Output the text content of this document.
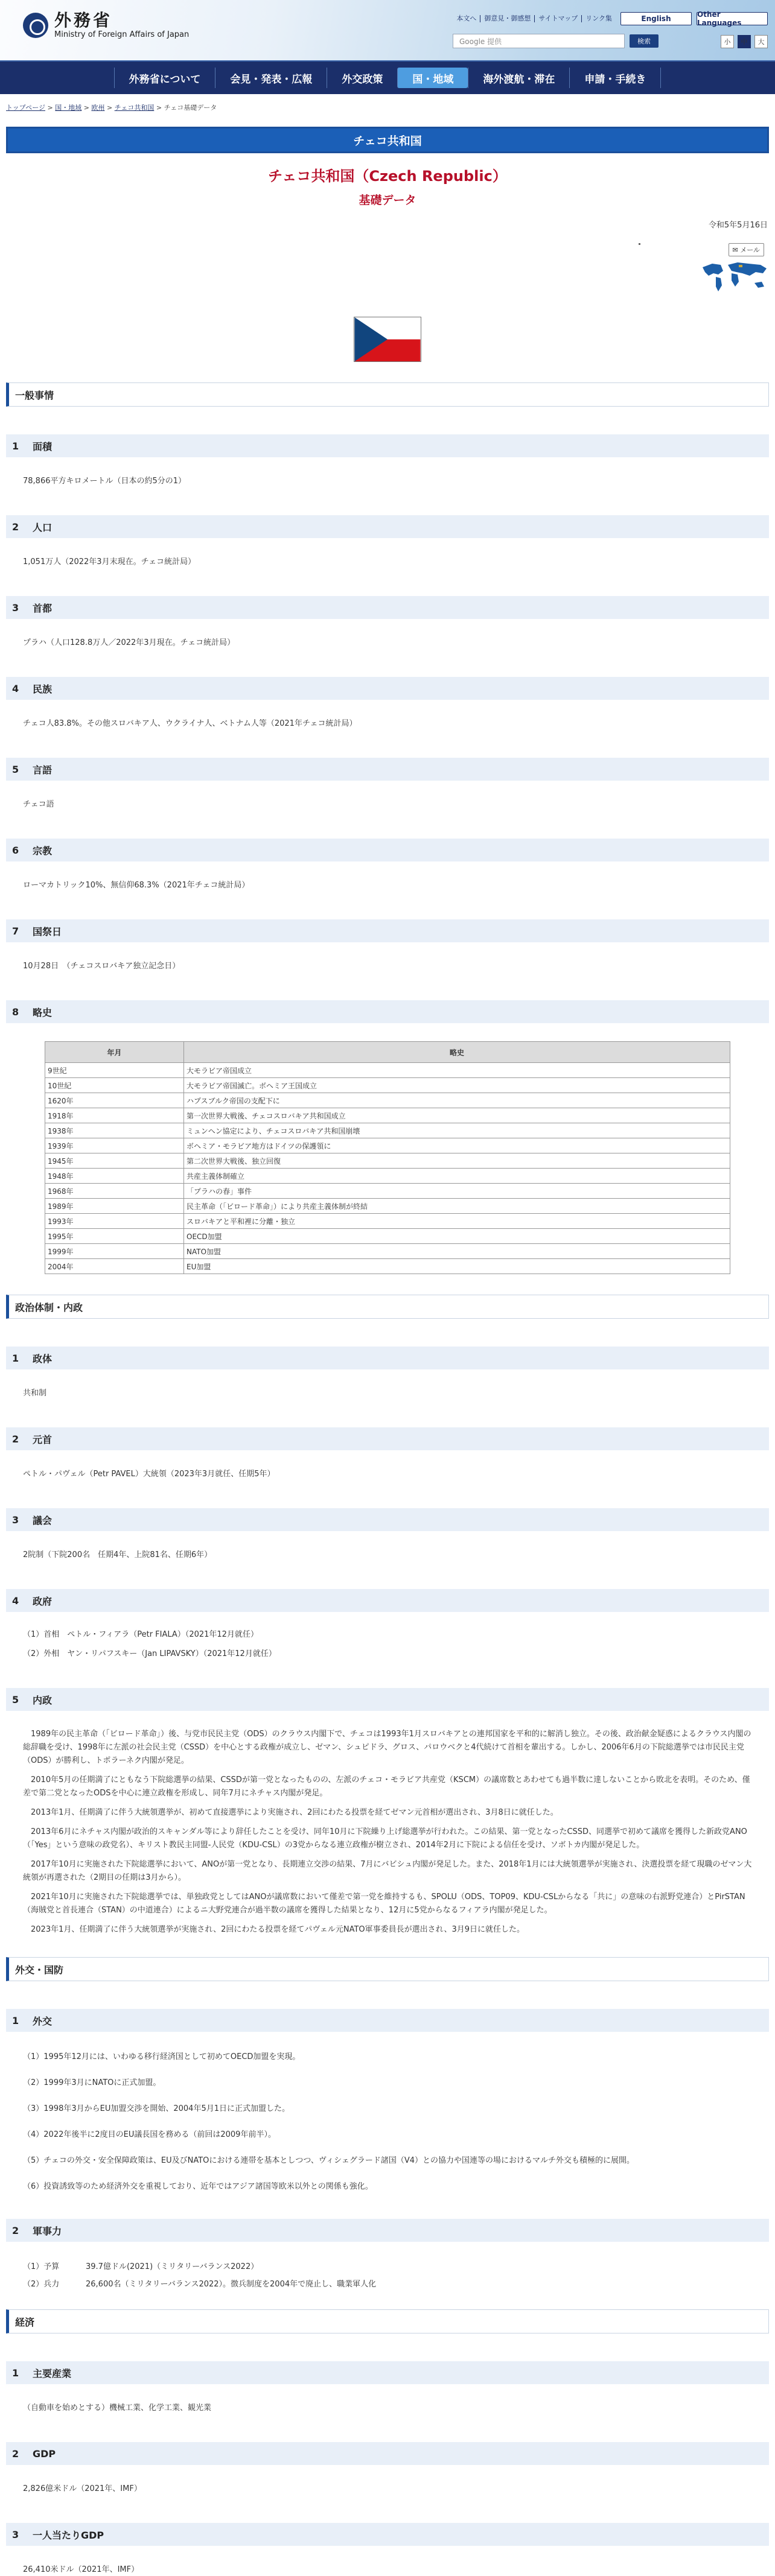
外務省
Ministry of Foreign Affairs of Japan
本文へ	御意見・御感想	サイトマップ	リンク集	English	Other Languages
Google 提供	検索	小	中	大
外務省について	会見・発表・広報	外交政策	国・地域	海外渡航・滞在	申請・手続き
トップページ > 国・地域 > 欧州 > チェコ共和国 > チェコ基礎データ
チェコ共和国
チェコ共和国（Czech Republic）
基礎データ
令和5年5月16日
✉ メール
一般事情
1	面積
78,866平方キロメートル（日本の約5分の1）
2	人口
1,051万人（2022年3月末現在。チェコ統計局）
3	首都
プラハ（人口128.8万人／2022年3月現在。チェコ統計局）
4	民族
チェコ人83.8%。その他スロバキア人、ウクライナ人、ベトナム人等（2021年チェコ統計局）
5	言語
チェコ語
6	宗教
ローマカトリック10%、無信仰68.3%（2021年チェコ統計局）
7	国祭日
10月28日　（チェコスロバキア独立記念日）
8	略史
年月	略史
9世紀	大モラビア帝国成立
10世紀	大モラビア帝国滅亡。ボヘミア王国成立
1620年	ハプスブルク帝国の支配下に
1918年	第一次世界大戦後、チェコスロバキア共和国成立
1938年	ミュンヘン協定により、チェコスロバキア共和国崩壊
1939年	ボヘミア・モラビア地方はドイツの保護領に
1945年	第二次世界大戦後、独立回復
1948年	共産主義体制確立
1968年	「プラハの春」事件
1989年	民主革命（「ビロード革命」）により共産主義体制が終結
1993年	スロバキアと平和裡に分離・独立
1995年	OECD加盟
1999年	NATO加盟
2004年	EU加盟
政治体制・内政
1	政体
共和制
2	元首
ペトル・パヴェル（Petr PAVEL）大統領（2023年3月就任、任期5年）
3	議会
2院制（下院200名　任期4年、上院81名、任期6年）
4	政府
（1）首相　ペトル・フィアラ（Petr FIALA）（2021年12月就任）
（2）外相　ヤン・リパフスキー（Jan LIPAVSKY）（2021年12月就任）
5	内政

1989年の民主革命（「ビロード革命」）後、与党市民民主党（ODS）のクラウス内閣下で、チェコは1993年1月スロバキアとの連邦国家を平和的に解消し独立。その後、政治献金疑惑によるクラウス内閣の総辞職を受け、1998年に左派の社会民主党（CSSD）を中心とする政権が成立し、ゼマン、シュピドラ、グロス、パロウベクと4代続けて首相を輩出する。しかし、2006年6月の下院総選挙では市民民主党（ODS）が勝利し、トポラーネク内閣が発足。

2010年5月の任期満了にともなう下院総選挙の結果、CSSDが第一党となったものの、左派のチェコ・モラビア共産党（KSCM）の議席数とあわせても過半数に達しないことから敗北を表明。そのため、僅差で第二党となったODSを中心に連立政権を形成し、同年7月にネチャス内閣が発足。

2013年1月、任期満了に伴う大統領選挙が、初めて直接選挙により実施され、2回にわたる投票を経てゼマン元首相が選出され、3月8日に就任した。

2013年6月にネチャス内閣が政治的スキャンダル等により辞任したことを受け、同年10月に下院繰り上げ総選挙が行われた。この結果、第一党となったCSSD、同選挙で初めて議席を獲得した新政党ANO（「Yes」という意味の政党名）、キリスト教民主同盟-人民党（KDU-CSL）の3党からなる連立政権が樹立され、2014年2月に下院による信任を受け、ソボトカ内閣が発足した。

2017年10月に実施された下院総選挙において、ANOが第一党となり、長期連立交渉の結果、7月にバビシュ内閣が発足した。また、2018年1月には大統領選挙が実施され、決選投票を経て現職のゼマン大統領が再選された（2期目の任期は3月から）。

2021年10月に実施された下院総選挙では、単独政党としてはANOが議席数において僅差で第一党を維持するも、SPOLU（ODS、TOP09、KDU-CSLからなる「共に」の意味の右派野党連合）とPirSTAN（海賊党と首長連合（STAN）の中道連合）によるニ大野党連合が過半数の議席を獲得した結果となり、12月に5党からなるフィアラ内閣が発足した。

2023年1月、任期満了に伴う大統領選挙が実施され、2回にわたる投票を経てパヴェル元NATO軍事委員長が選出され、3月9日に就任した。

外交・国防
1	外交
（1）1995年12月には、いわゆる移行経済国として初めてOECD加盟を実現。
（2）1999年3月にNATOに正式加盟。
（3）1998年3月からEU加盟交渉を開始、2004年5月1日に正式加盟した。
（4）2022年後半に2度目のEU議長国を務める（前回は2009年前半）。
（5）チェコの外交・安全保障政策は、EU及びNATOにおける連帯を基本としつつ、ヴィシェグラード諸国（V4）との協力や国連等の場におけるマルチ外交も積極的に展開。
（6）投資誘致等のため経済外交を重視しており、近年ではアジア諸国等欧米以外との関係も強化。
2	軍事力
（1）予算	39.7億ドル(2021)（ミリタリーバランス2022）
（2）兵力	26,600名（ミリタリーバランス2022）。徴兵制度を2004年で廃止し、職業軍人化
経済
1	主要産業
（自動車を始めとする）機械工業、化学工業、観光業
2	GDP
2,826億米ドル（2021年、IMF）
3	一人当たりGDP
26,410米ドル（2021年、IMF）
